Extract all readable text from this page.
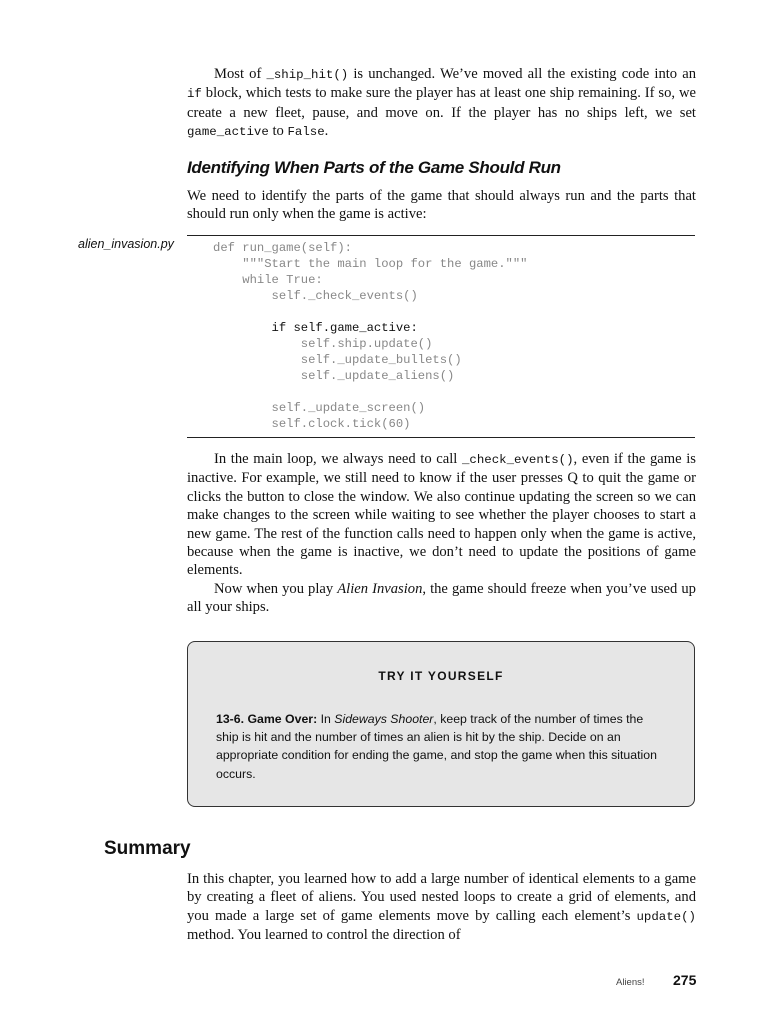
Most of _ship_hit() is unchanged. We’ve moved all the existing code into an if block, which tests to make sure the player has at least one ship remaining. If so, we create a new fleet, pause, and move on. If the player has no ships left, we set game_active to False.

Identifying When Parts of the Game Should Run

We need to identify the parts of the game that should always run and the parts that should run only when the game is active:

alien_invasion.py	def run_game(self):
"""Start the main loop for the game."""
while True:
self._check_events()
if self.game_active:
self.ship.update()
self._update_bullets()
self._update_aliens()
self._update_screen()
self.clock.tick(60)

In the main loop, we always need to call _check_events(), even if the game is inactive. For example, we still need to know if the user presses Q to quit the game or clicks the button to close the window. We also continue updating the screen so we can make changes to the screen while waiting to see whether the player chooses to start a new game. The rest of the function calls need to happen only when the game is active, because when the game is inactive, we don’t need to update the positions of game elements.

Now when you play Alien Invasion, the game should freeze when you’ve used up all your ships.

TRY IT YOURSELF

13-6. Game Over: In Sideways Shooter, keep track of the number of times the ship is hit and the number of times an alien is hit by the ship. Decide on an appropriate condition for ending the game, and stop the game when this situation occurs.

Summary

In this chapter, you learned how to add a large number of identical elements to a game by creating a fleet of aliens. You used nested loops to create a grid of elements, and you made a large set of game elements move by calling each element’s update() method. You learned to control the direction of

Aliens! 275
